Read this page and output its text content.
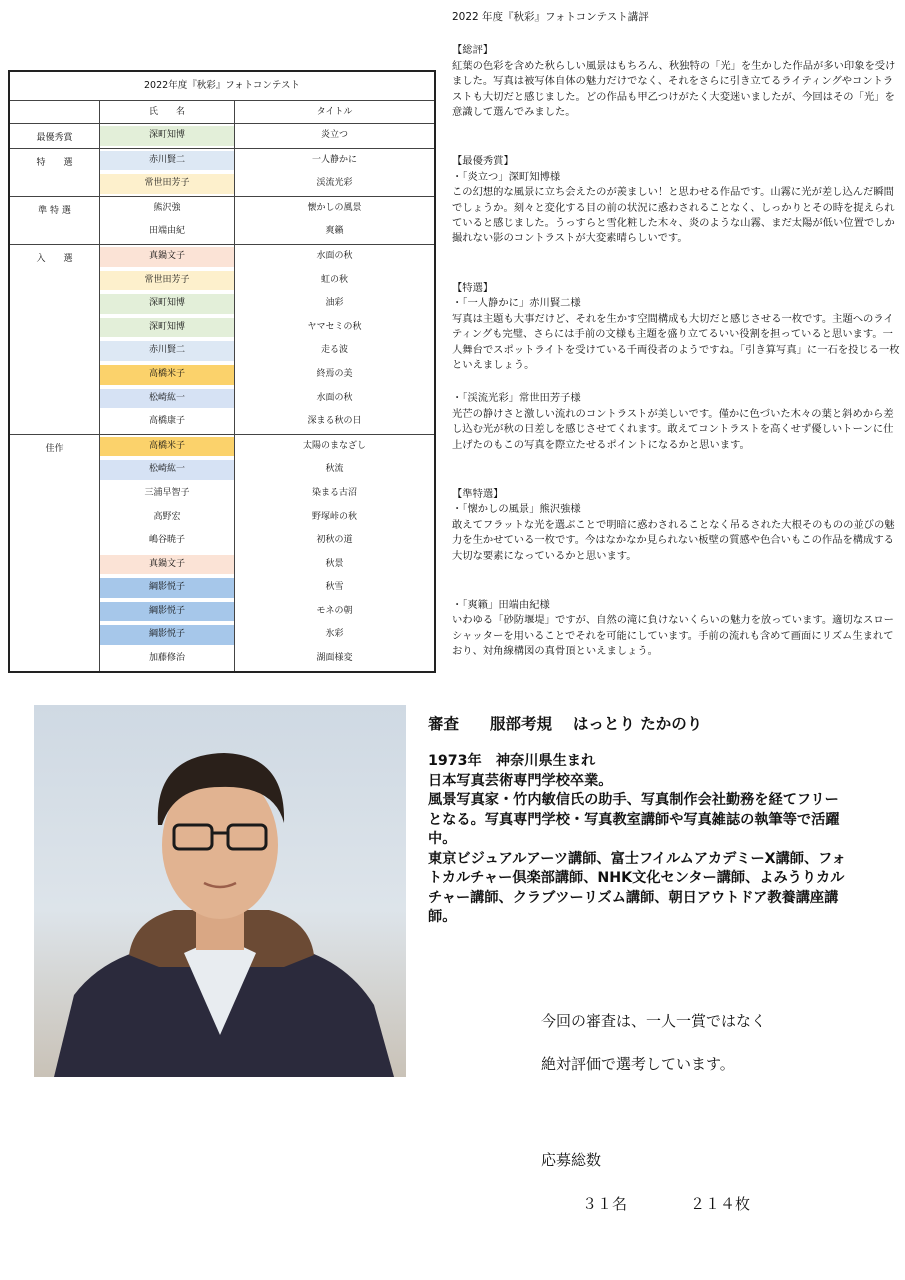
2022年度『秋彩』フォトコンテスト
氏　　名	タイトル
最優秀賞	深町知博	炎立つ
特　　選	赤川賢二	一人静かに
常世田芳子	渓流光彩
準 特 選	熊沢強	懐かしの風景
田端由紀	爽籟
入　　選	真鍋文子	水面の秋
常世田芳子	虹の秋
深町知博	油彩
深町知博	ヤマセミの秋
赤川賢二	走る波
高橋米子	終焉の美
松崎紘一	水面の秋
高橋康子	深まる秋の日
佳作	高橋米子	太陽のまなざし
松崎紘一	秋流
三浦早智子	染まる古沼
高野宏	野塚峠の秋
嶋谷暁子	初秋の道
真鍋文子	秋景
綱影悦子	秋雪
綱影悦子	モネの朝
綱影悦子	氷彩
加藤修治	湖面様変
2022 年度『秋彩』フォトコンテスト講評

【総評】

紅葉の色彩を含めた秋らしい風景はもちろん、秋独特の「光」を生かした作品が多い印象を受けました。写真は被写体自体の魅力だけでなく、それをさらに引き立てるライティングやコントラストも大切だと感じました。どの作品も甲乙つけがたく大変迷いましたが、今回はその「光」を意識して選んでみました。

【最優秀賞】

・「炎立つ」深町知博様

この幻想的な風景に立ち会えたのが羨ましい！と思わせる作品です。山霧に光が差し込んだ瞬間でしょうか。刻々と変化する目の前の状況に惑わされることなく、しっかりとその時を捉えられていると感じました。うっすらと雪化粧した木々、炎のような山霧、まだ太陽が低い位置でしか撮れない影のコントラストが大変素晴らしいです。

【特選】

・「一人静かに」赤川賢二様

写真は主題も大事だけど、それを生かす空間構成も大切だと感じさせる一枚です。主題へのライティングも完璧、さらには手前の文様も主題を盛り立てるいい役割を担っていると思います。一人舞台でスポットライトを受けている千両役者のようですね。「引き算写真」に一石を投じる一枚といえましょう。

・「渓流光彩」常世田芳子様

光芒の静けさと激しい流れのコントラストが美しいです。僅かに色づいた木々の葉と斜めから差し込む光が秋の日差しを感じさせてくれます。敢えてコントラストを高くせず優しいトーンに仕上げたのもこの写真を際立たせるポイントになるかと思います。

【準特選】

・「懐かしの風景」熊沢強様

敢えてフラットな光を選ぶことで明暗に惑わされることなく吊るされた大根そのものの並びの魅力を生かせている一枚です。今はなかなか見られない板壁の質感や色合いもこの作品を構成する大切な要素になっているかと思います。

・「爽籟」田端由紀様

いわゆる「砂防堰堤」ですが、自然の滝に負けないくらいの魅力を放っています。適切なスローシャッターを用いることでそれを可能にしています。手前の流れも含めて画面にリズム生まれており、対角線構図の真骨頂といえましょう。

審査　　服部考規　 はっとり たかのり

1973年　神奈川県生まれ

日本写真芸術専門学校卒業。

風景写真家・竹内敏信氏の助手、写真制作会社勤務を経てフリーとなる。写真専門学校・写真教室講師や写真雑誌の執筆等で活躍中。

東京ビジュアルアーツ講師、富士フイルムアカデミーX講師、フォトカルチャー倶楽部講師、NHK文化センター講師、よみうりカルチャー講師、クラブツーリズム講師、朝日アウトドア教養講座講師。

今回の審査は、一人一賞ではなく
絶対評価で選考しています。
応募総数
３１名	２１４枚
